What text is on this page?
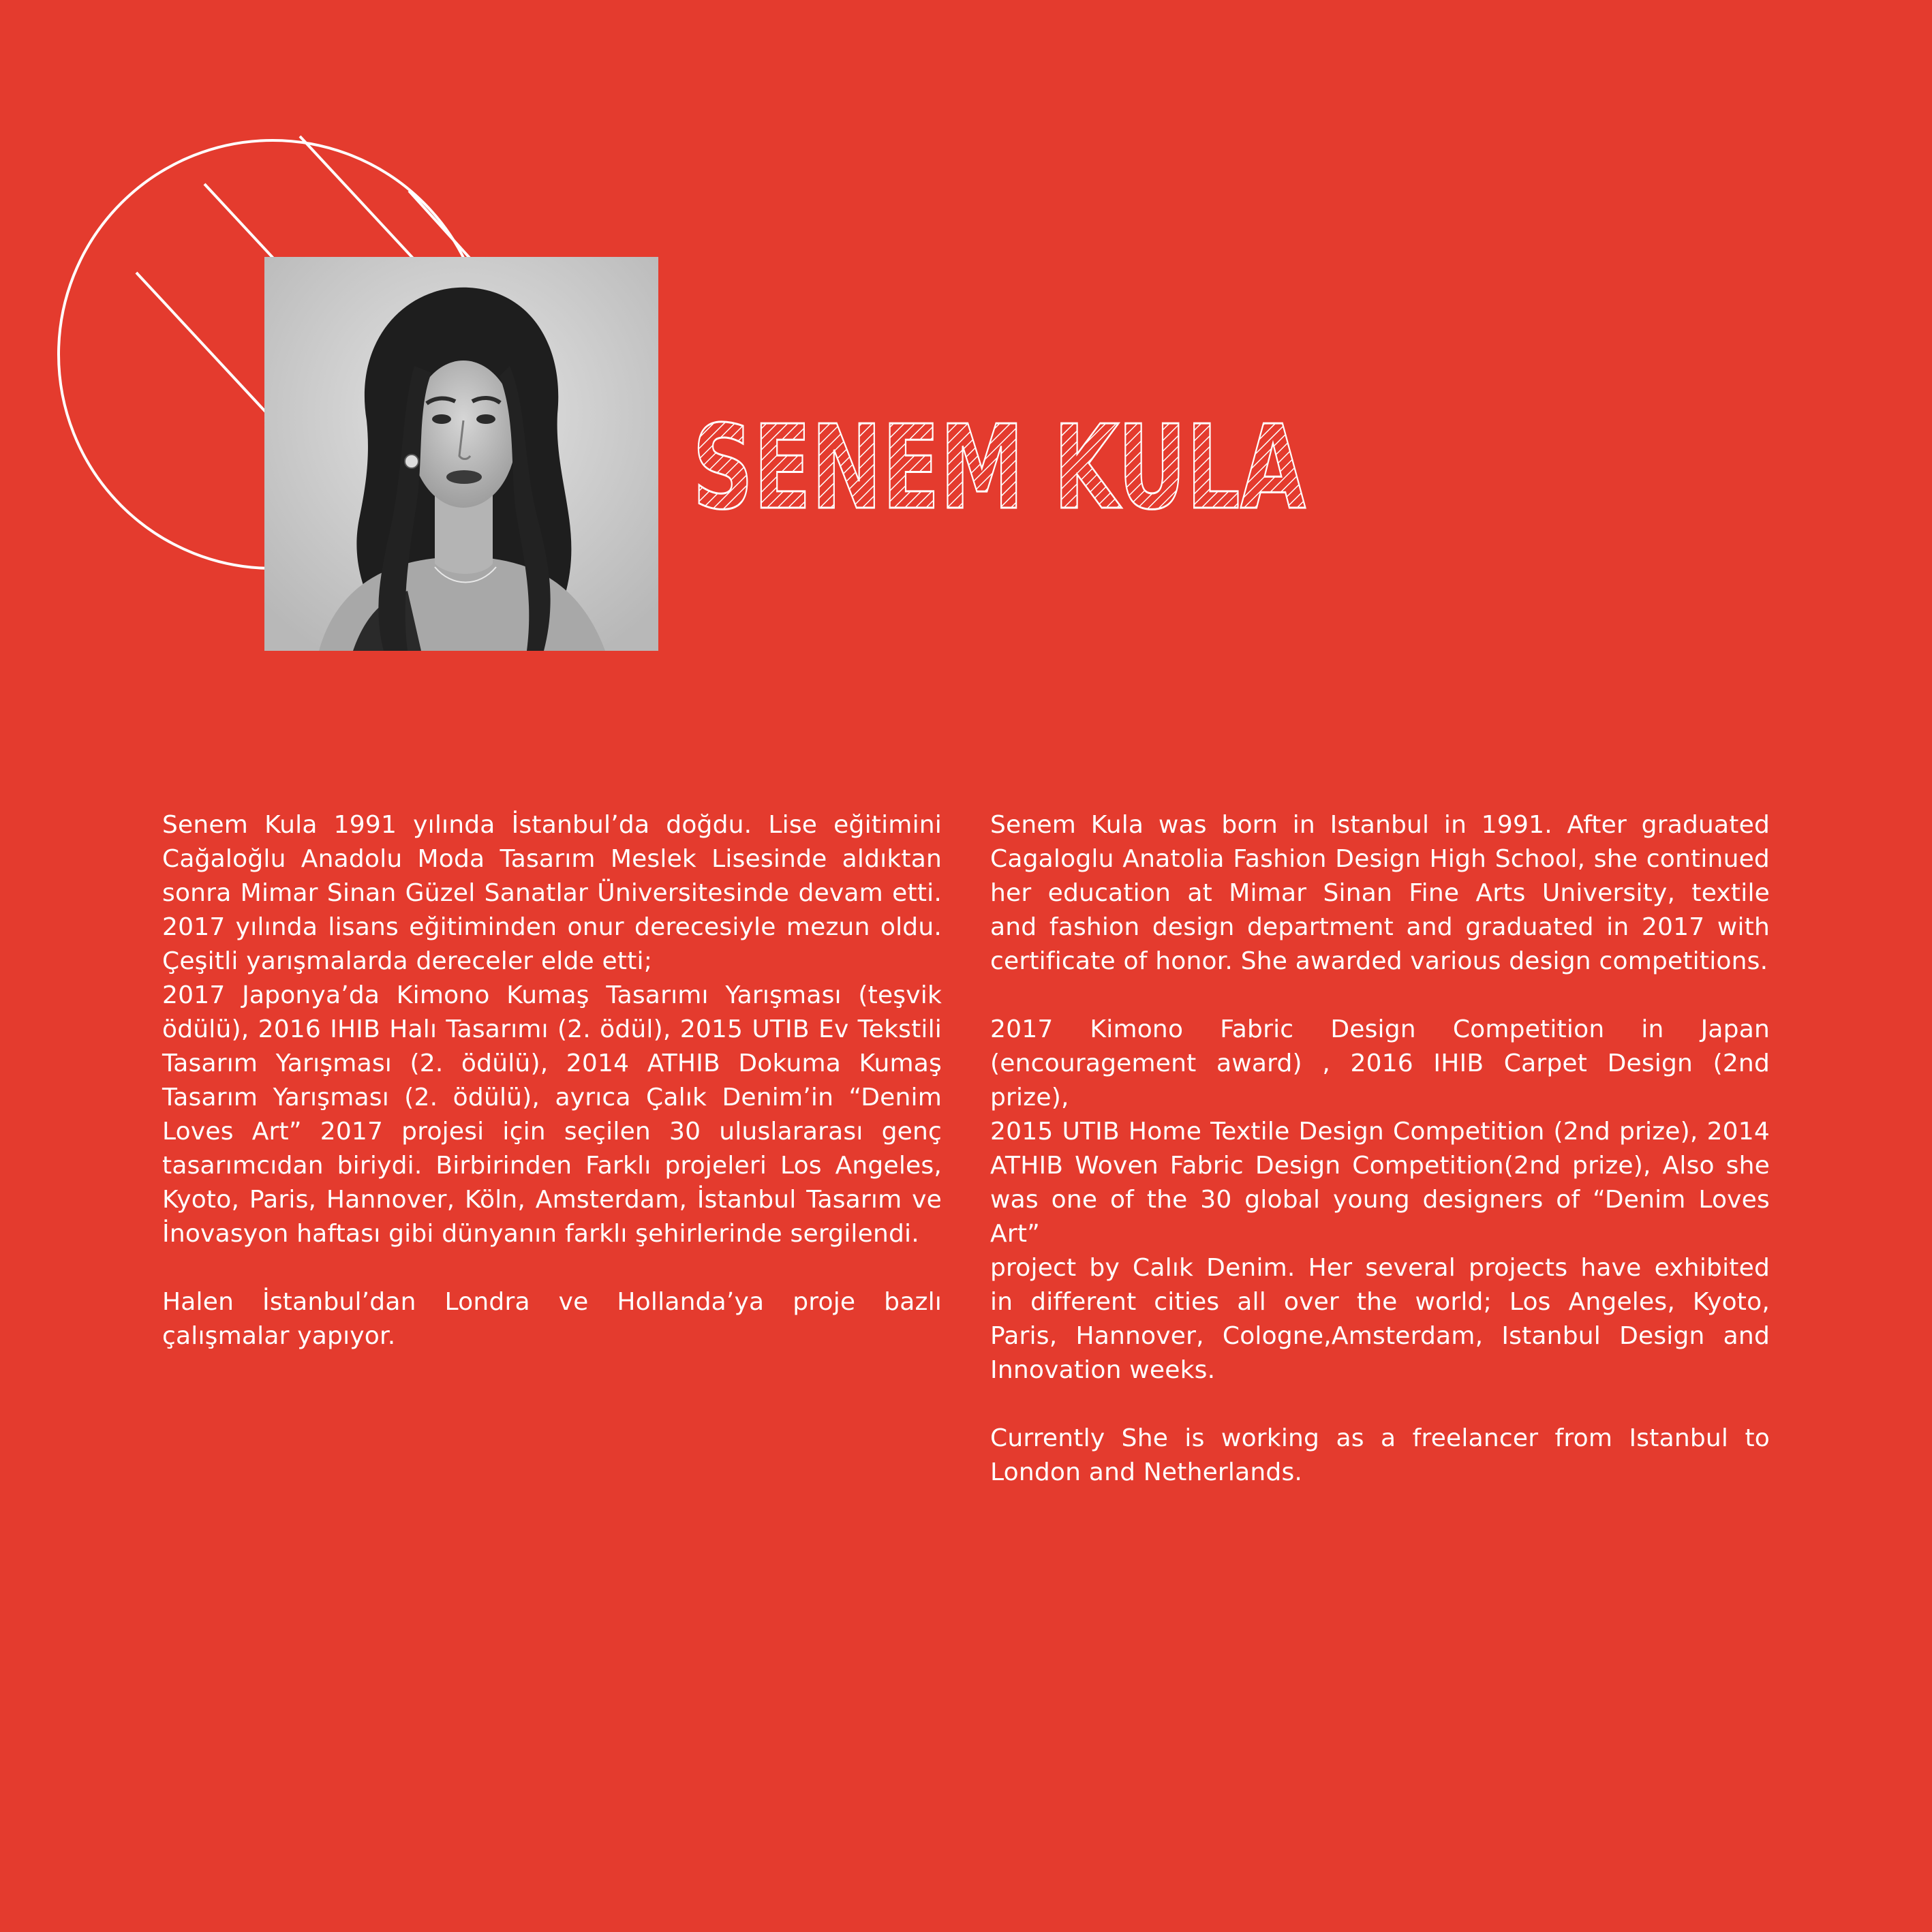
SENEM KULA

Senem Kula 1991 yılında İstanbul’da doğdu. Lise eğitimini
Cağaloğlu Anadolu Moda Tasarım Meslek Lisesinde aldıktan
sonra Mimar Sinan Güzel Sanatlar Üniversitesinde devam etti.
2017 yılında lisans eğitiminden onur derecesiyle mezun oldu.
Çeşitli yarışmalarda dereceler elde etti;

2017 Japonya’da Kimono Kumaş Tasarımı Yarışması (teşvik
ödülü), 2016 IHIB Halı Tasarımı (2. ödül), 2015 UTIB Ev Tekstili
Tasarım Yarışması (2. ödülü), 2014 ATHIB Dokuma Kumaş
Tasarım Yarışması (2. ödülü), ayrıca Çalık Denim’in “Denim
Loves Art” 2017 projesi için seçilen 30 uluslararası genç
tasarımcıdan biriydi. Birbirinden Farklı projeleri Los Angeles,
Kyoto, Paris, Hannover, Köln, Amsterdam, İstanbul Tasarım ve
İnovasyon haftası gibi dünyanın farklı şehirlerinde sergilendi.

Halen İstanbul’dan Londra ve Hollanda’ya proje bazlı
çalışmalar yapıyor.

Senem Kula was born in Istanbul in 1991. After graduated
Cagaloglu Anatolia Fashion Design High School, she continued
her education at Mimar Sinan Fine Arts University, textile
and fashion design department and graduated in 2017 with
certificate of honor. She awarded various design competitions.

2017 Kimono Fabric Design Competition in Japan
(encouragement award) , 2016 IHIB Carpet Design (2nd prize),
2015 UTIB Home Textile Design Competition (2nd prize), 2014
ATHIB Woven Fabric Design Competition(2nd prize), Also she
was one of the 30 global young designers of “Denim Loves Art”
project by Calık Denim. Her several projects have exhibited
in different cities all over the world; Los Angeles, Kyoto,
Paris, Hannover, Cologne,Amsterdam, Istanbul Design and
Innovation weeks.

Currently She is working as a freelancer from Istanbul to
London and Netherlands.
